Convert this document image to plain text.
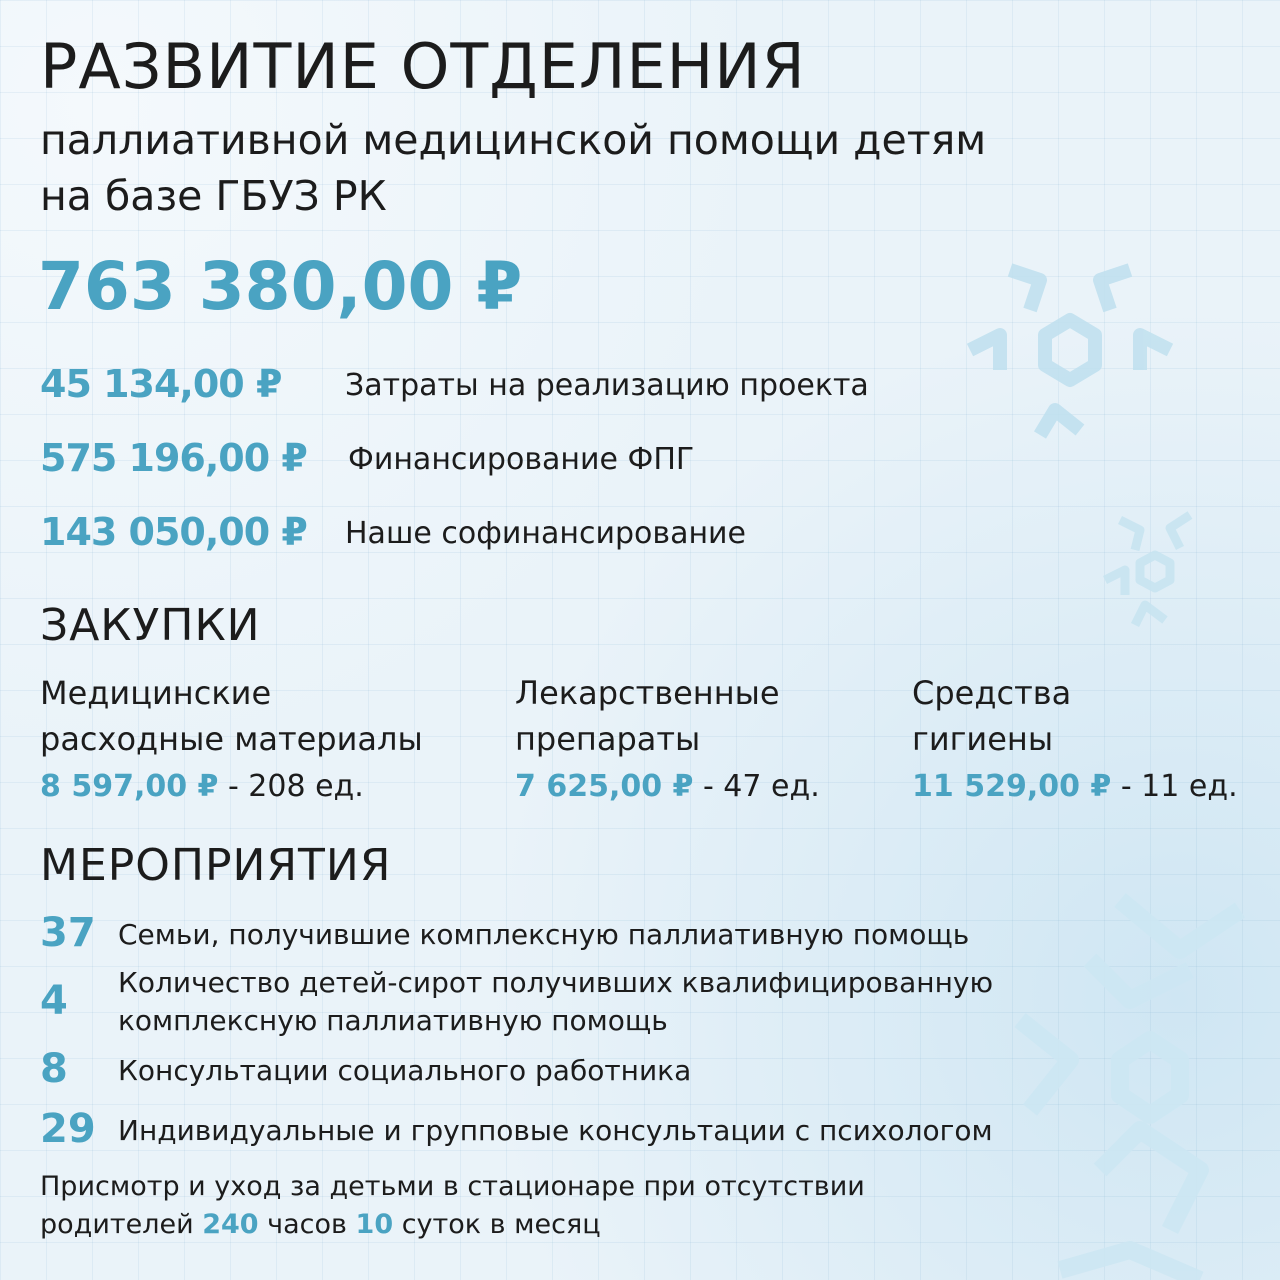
РАЗВИТИЕ ОТДЕЛЕНИЯ
паллиативной медицинской помощи детям
на базе ГБУЗ РК
763 380,00 ₽
45 134,00 ₽ Затраты на реализацию проекта
575 196,00 ₽ Финансирование ФПГ
143 050,00 ₽ Наше софинансирование
ЗАКУПКИ
Медицинские
расходные материалы
8 597,00 ₽ - 208 ед.
Лекарственные
препараты
7 625,00 ₽ - 47 ед.
Средства
гигиены
11 529,00 ₽ - 11 ед.
МЕРОПРИЯТИЯ
37 Семьи, получившие комплексную паллиативную помощь
4 Количество детей-сирот получивших квалифицированную
комплексную паллиативную помощь
8 Консультации социального работника
29 Индивидуальные и групповые консультации с психологом
Присмотр и уход за детьми в стационаре при отсутствии
родителей 240 часов 10 суток в месяц
